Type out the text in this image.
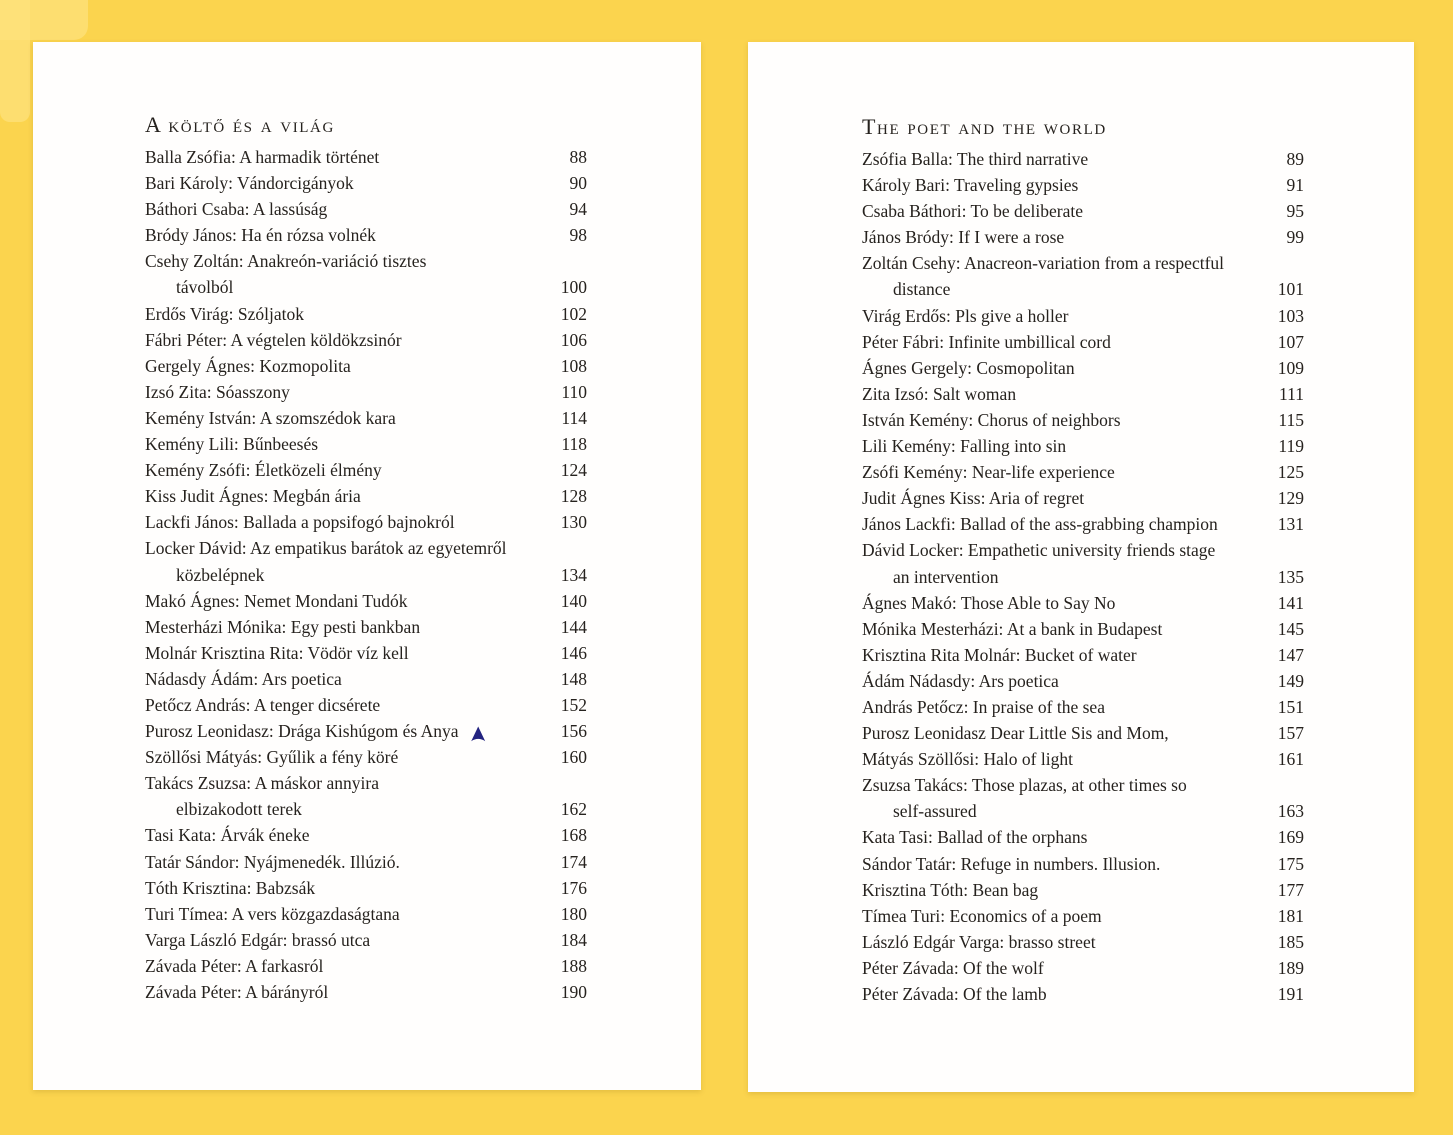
A költő és a világ
Balla Zsófia: A harmadik történet	88
Bari Károly: Vándorcigányok	90
Báthori Csaba: A lassúság	94
Bródy János: Ha én rózsa volnék	98
Csehy Zoltán: Anakreón-variáció tisztes
távolból	100
Erdős Virág: Szóljatok	102
Fábri Péter: A végtelen köldökzsinór	106
Gergely Ágnes: Kozmopolita	108
Izsó Zita: Sóasszony	110
Kemény István: A szomszédok kara	114
Kemény Lili: Bűnbeesés	118
Kemény Zsófi: Életközeli élmény	124
Kiss Judit Ágnes: Megbán ária	128
Lackfi János: Ballada a popsifogó bajnokról	130
Locker Dávid: Az empatikus barátok az egyetemről
közbelépnek	134
Makó Ágnes: Nemet Mondani Tudók	140
Mesterházi Mónika: Egy pesti bankban	144
Molnár Krisztina Rita: Vödör víz kell	146
Nádasdy Ádám: Ars poetica	148
Petőcz András: A tenger dicsérete	152
Purosz Leonidasz: Drága Kishúgom és Anya	156
Szöllősi Mátyás: Gyűlik a fény köré	160
Takács Zsuzsa: A máskor annyira
elbizakodott terek	162
Tasi Kata: Árvák éneke	168
Tatár Sándor: Nyájmenedék. Illúzió.	174
Tóth Krisztina: Babzsák	176
Turi Tímea: A vers közgazdaságtana	180
Varga László Edgár: brassó utca	184
Závada Péter: A farkasról	188
Závada Péter: A bárányról	190
The poet and the world
Zsófia Balla: The third narrative	89
Károly Bari: Traveling gypsies	91
Csaba Báthori: To be deliberate	95
János Bródy: If I were a rose	99
Zoltán Csehy: Anacreon-variation from a respectful
distance	101
Virág Erdős: Pls give a holler	103
Péter Fábri: Infinite umbillical cord	107
Ágnes Gergely: Cosmopolitan	109
Zita Izsó: Salt woman	111
István Kemény: Chorus of neighbors	115
Lili Kemény: Falling into sin	119
Zsófi Kemény: Near-life experience	125
Judit Ágnes Kiss: Aria of regret	129
János Lackfi: Ballad of the ass-grabbing champion	131
Dávid Locker: Empathetic university friends stage
an intervention	135
Ágnes Makó: Those Able to Say No	141
Mónika Mesterházi: At a bank in Budapest	145
Krisztina Rita Molnár: Bucket of water	147
Ádám Nádasdy: Ars poetica	149
András Petőcz: In praise of the sea	151
Purosz Leonidasz Dear Little Sis and Mom,	157
Mátyás Szöllősi: Halo of light	161
Zsuzsa Takács: Those plazas, at other times so
self-assured	163
Kata Tasi: Ballad of the orphans	169
Sándor Tatár: Refuge in numbers. Illusion.	175
Krisztina Tóth: Bean bag	177
Tímea Turi: Economics of a poem	181
László Edgár Varga: brasso street	185
Péter Závada: Of the wolf	189
Péter Závada: Of the lamb	191
